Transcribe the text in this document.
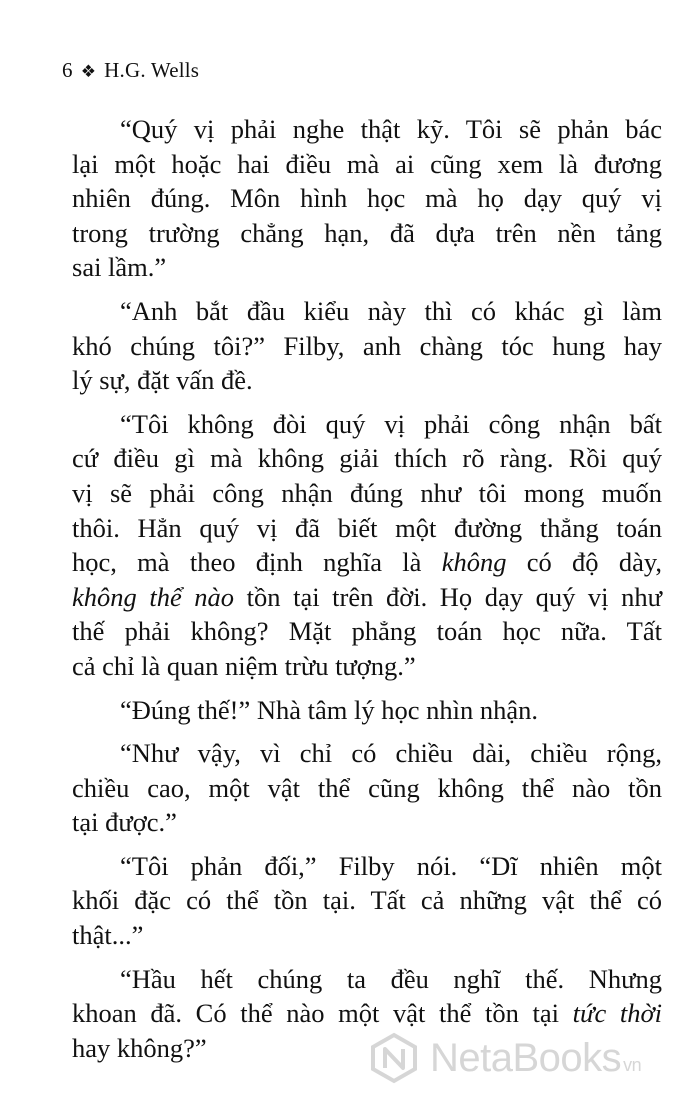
6 ❖ H.G. Wells

“Quý vị phải nghe thật kỹ. Tôi sẽ phản bác
lại một hoặc hai điều mà ai cũng xem là đương
nhiên đúng. Môn hình học mà họ dạy quý vị
trong trường chẳng hạn, đã dựa trên nền tảng
sai lầm.”

“Anh bắt đầu kiểu này thì có khác gì làm
khó chúng tôi?” Filby, anh chàng tóc hung hay
lý sự, đặt vấn đề.

“Tôi không đòi quý vị phải công nhận bất
cứ điều gì mà không giải thích rõ ràng. Rồi quý
vị sẽ phải công nhận đúng như tôi mong muốn
thôi. Hẳn quý vị đã biết một đường thẳng toán
học, mà theo định nghĩa là không có độ dày,
không thể nào tồn tại trên đời. Họ dạy quý vị như
thế phải không? Mặt phẳng toán học nữa. Tất
cả chỉ là quan niệm trừu tượng.”

“Đúng thế!” Nhà tâm lý học nhìn nhận.

“Như vậy, vì chỉ có chiều dài, chiều rộng,
chiều cao, một vật thể cũng không thể nào tồn
tại được.”

“Tôi phản đối,” Filby nói. “Dĩ nhiên một
khối đặc có thể tồn tại. Tất cả những vật thể có
thật...”

“Hầu hết chúng ta đều nghĩ thế. Nhưng
khoan đã. Có thể nào một vật thể tồn tại tức thời
hay không?”	NetaBooks vn
